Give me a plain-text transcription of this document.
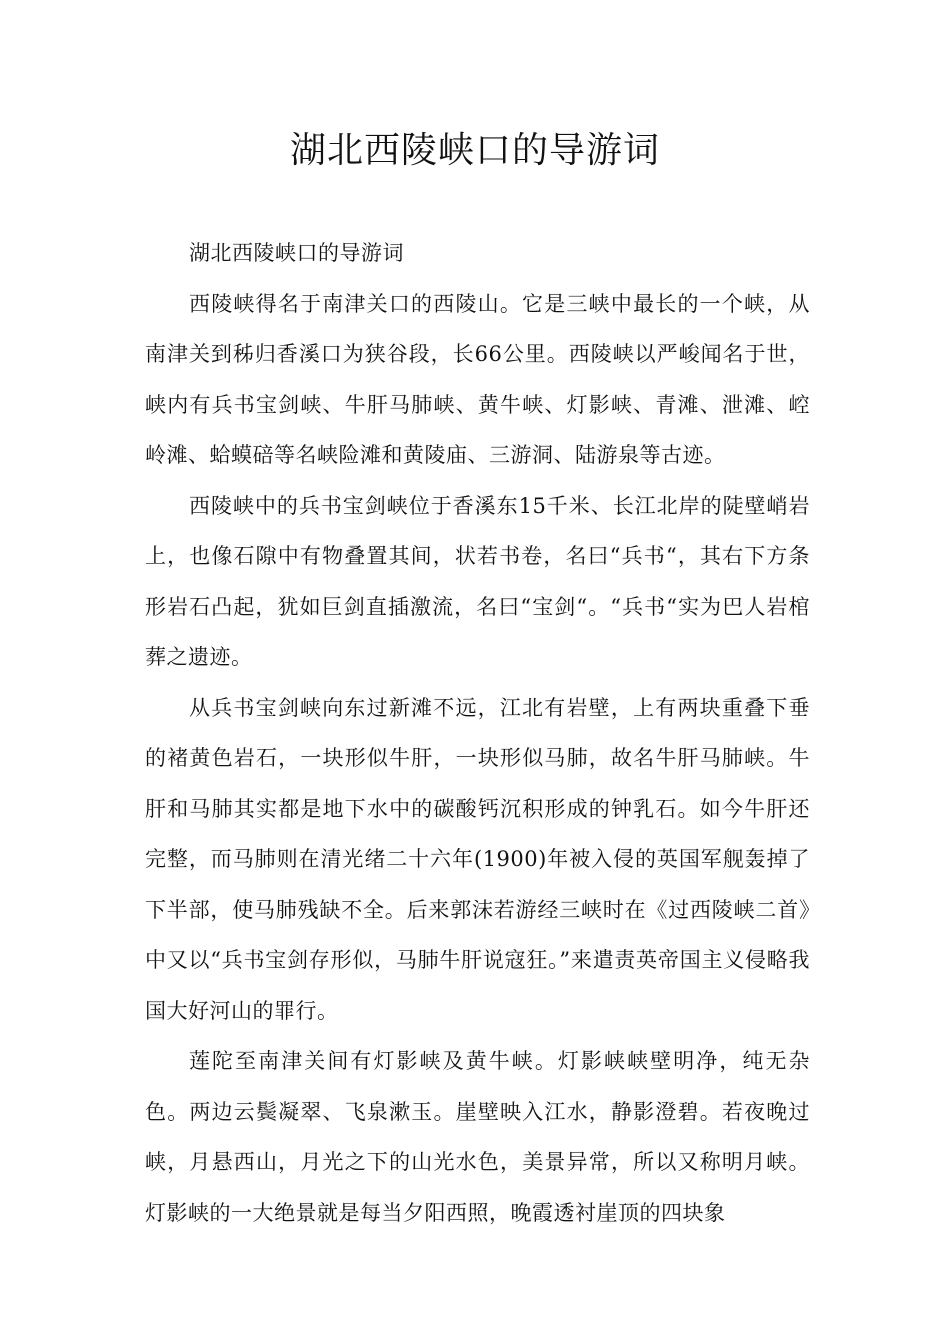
湖北西陵峡口的导游词

湖北西陵峡口的导游词

西陵峡得名于南津关口的西陵山。它是三峡中最长的一个峡，从南津关到秭归香溪口为狭谷段，长66公里。西陵峡以严峻闻名于世，峡内有兵书宝剑峡、牛肝马肺峡、黄牛峡、灯影峡、青滩、泄滩、崆岭滩、蛤蟆碚等名峡险滩和黄陵庙、三游洞、陆游泉等古迹。

西陵峡中的兵书宝剑峡位于香溪东15千米、长江北岸的陡壁峭岩上，也像石隙中有物叠置其间，状若书卷，名曰“兵书“，其右下方条形岩石凸起，犹如巨剑直插激流，名曰“宝剑“。“兵书“实为巴人岩棺葬之遗迹。

从兵书宝剑峡向东过新滩不远，江北有岩壁，上有两块重叠下垂的褚黄色岩石，一块形似牛肝，一块形似马肺，故名牛肝马肺峡。牛肝和马肺其实都是地下水中的碳酸钙沉积形成的钟乳石。如今牛肝还完整，而马肺则在清光绪二十六年(1900)年被入侵的英国军舰轰掉了下半部，使马肺残缺不全。后来郭沫若游经三峡时在《过西陵峡二首》中又以“兵书宝剑存形似，马肺牛肝说寇狂。”来遣责英帝国主义侵略我国大好河山的罪行。

莲陀至南津关间有灯影峡及黄牛峡。灯影峡峡壁明净，纯无杂色。两边云鬓凝翠、飞泉漱玉。崖壁映入江水，静影澄碧。若夜晚过峡，月悬西山，月光之下的山光水色，美景异常，所以又称明月峡。灯影峡的一大绝景就是每当夕阳西照，晚霞透衬崖顶的四块象
